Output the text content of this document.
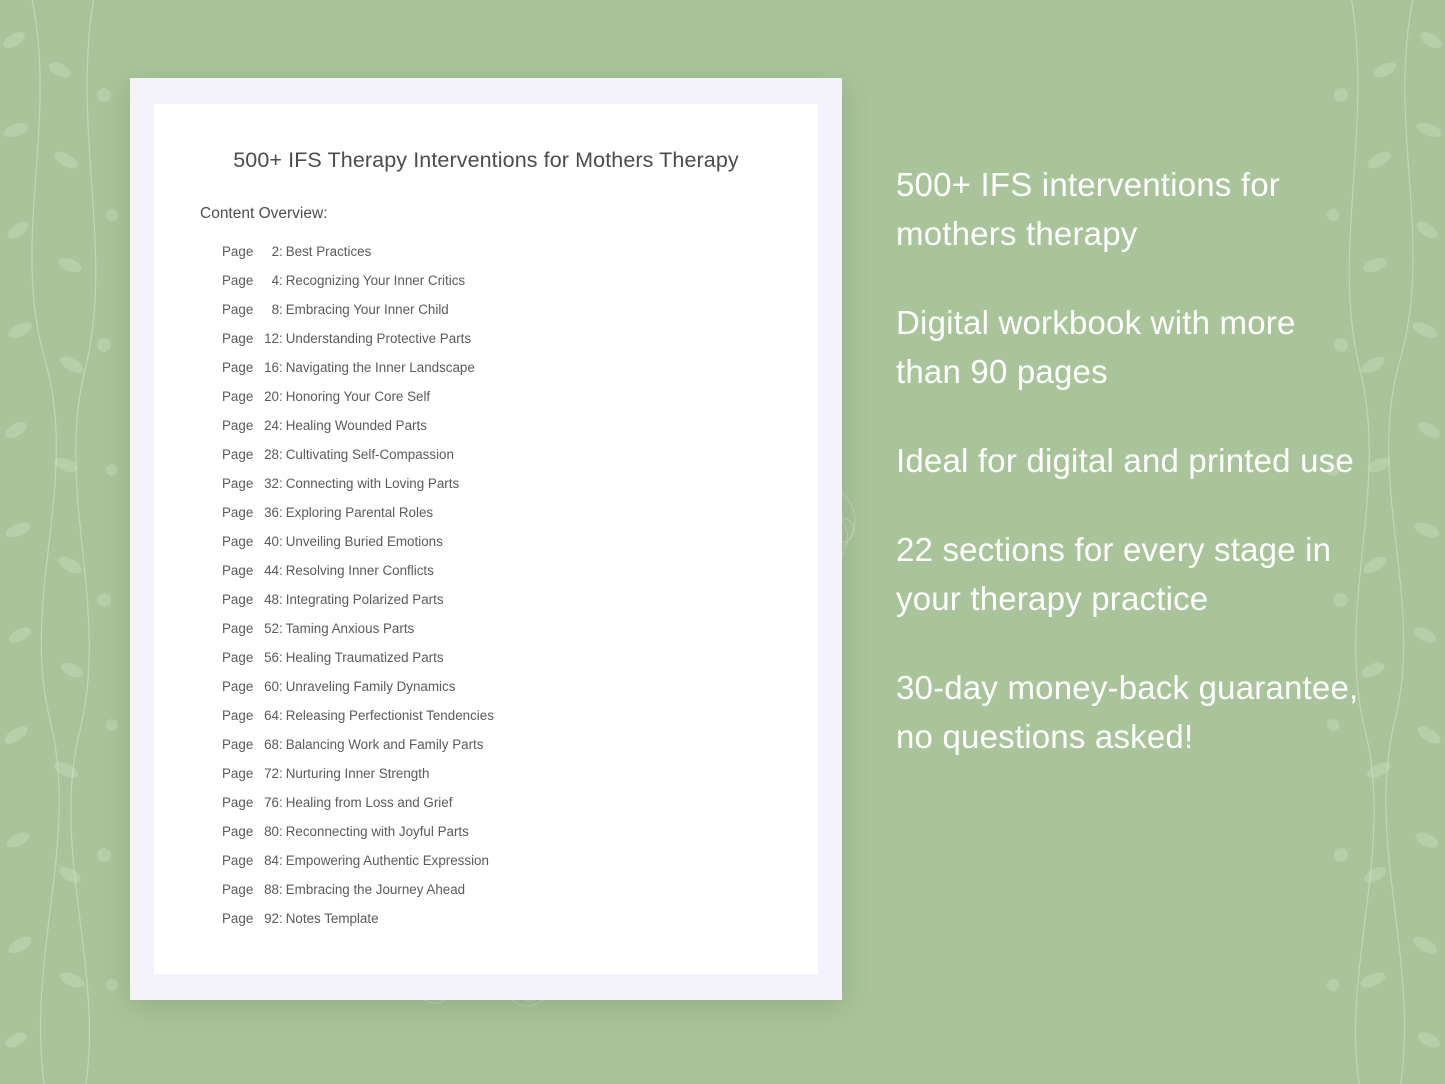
500+ IFS Therapy Interventions for Mothers Therapy

Content Overview:

Page 2: Best Practices
Page 4: Recognizing Your Inner Critics
Page 8: Embracing Your Inner Child
Page 12: Understanding Protective Parts
Page 16: Navigating the Inner Landscape
Page 20: Honoring Your Core Self
Page 24: Healing Wounded Parts
Page 28: Cultivating Self-Compassion
Page 32: Connecting with Loving Parts
Page 36: Exploring Parental Roles
Page 40: Unveiling Buried Emotions
Page 44: Resolving Inner Conflicts
Page 48: Integrating Polarized Parts
Page 52: Taming Anxious Parts
Page 56: Healing Traumatized Parts
Page 60: Unraveling Family Dynamics
Page 64: Releasing Perfectionist Tendencies
Page 68: Balancing Work and Family Parts
Page 72: Nurturing Inner Strength
Page 76: Healing from Loss and Grief
Page 80: Reconnecting with Joyful Parts
Page 84: Empowering Authentic Expression
Page 88: Embracing the Journey Ahead
Page 92: Notes Template

500+ IFS interventions for mothers therapy

Digital workbook with more than 90 pages

Ideal for digital and printed use

22 sections for every stage in your therapy practice

30-day money-back guarantee, no questions asked!
